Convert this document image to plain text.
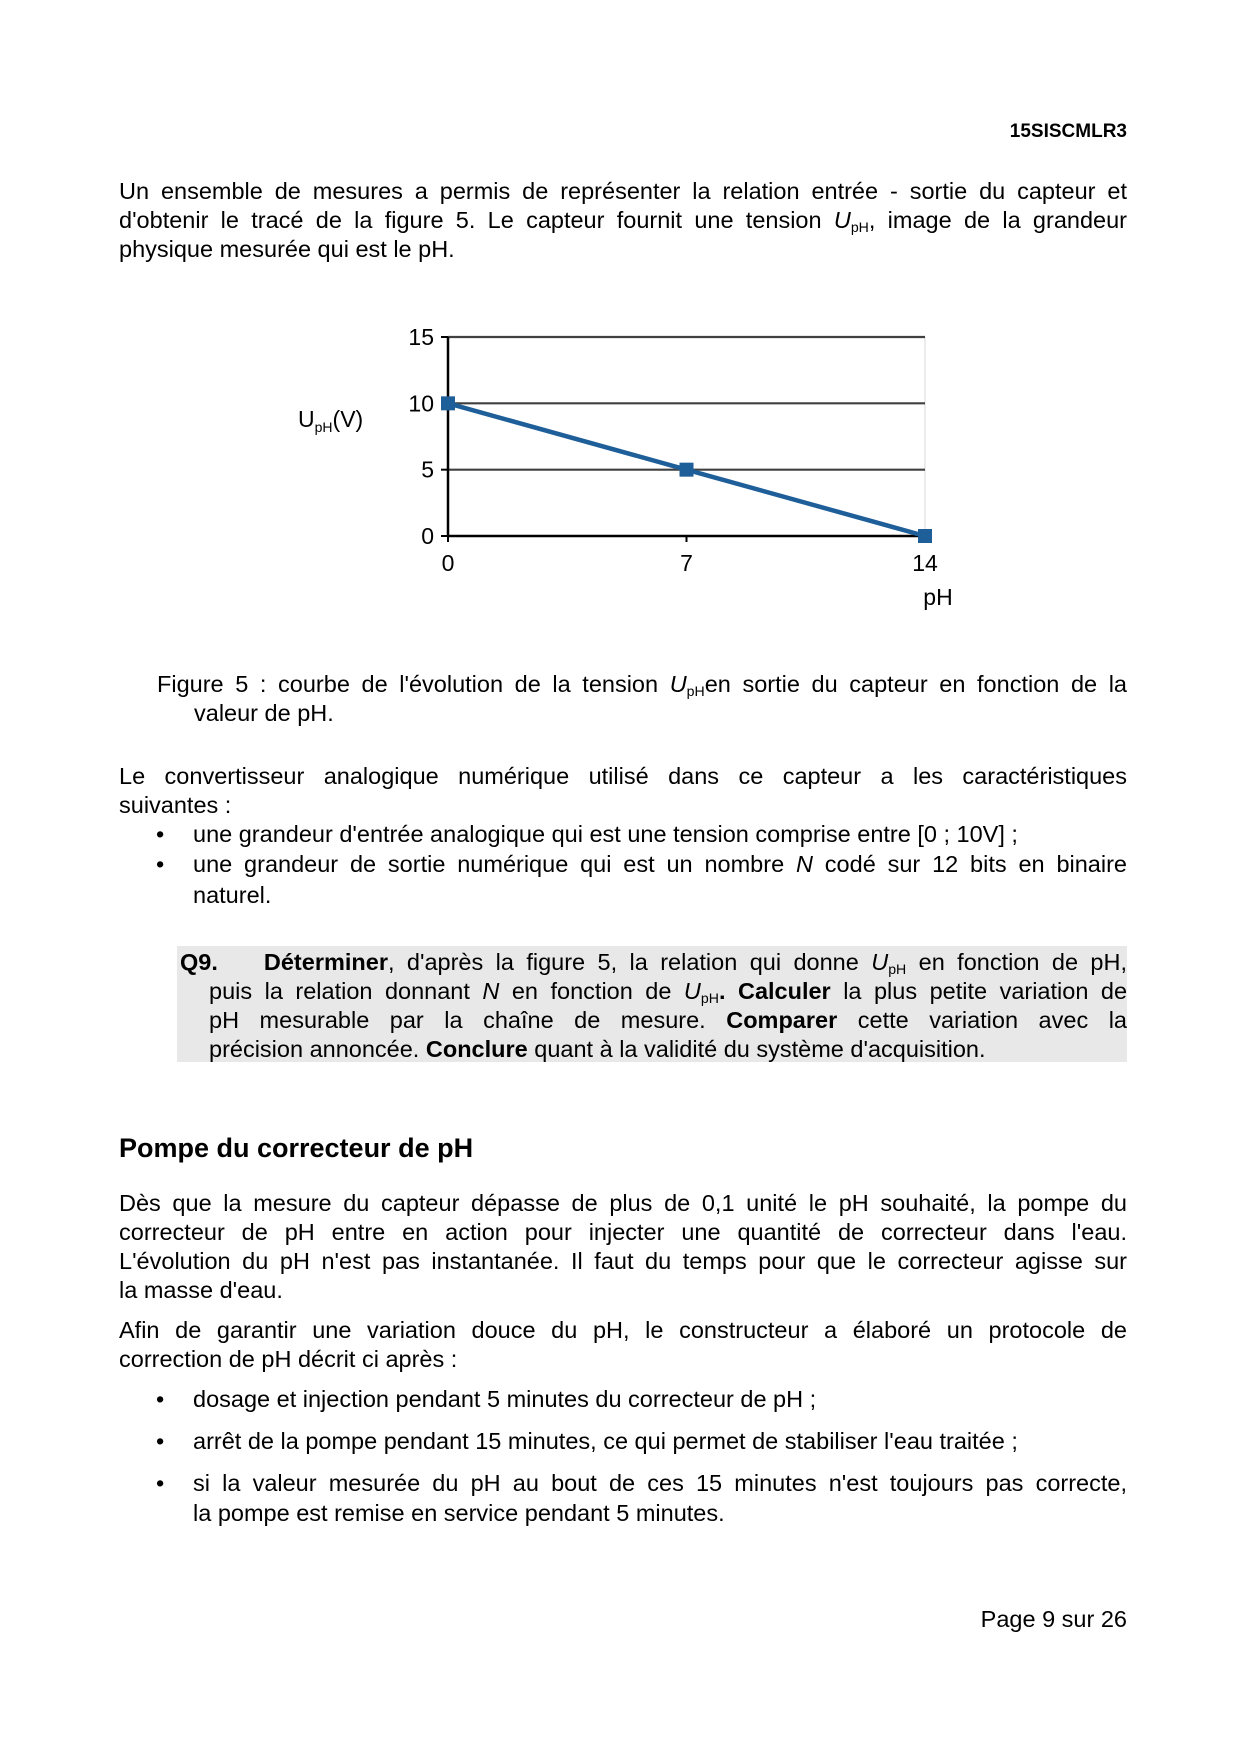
15SISCMLR3
Un ensemble de mesures a permis de représenter la relation entrée - sortie du capteur et
d'obtenir le tracé de la figure 5. Le capteur fournit une tension $U_{pH}$, image de la grandeur
physique mesurée qui est le pH.
0
5
10
15
0	7	14
$U_{pH}(V)$
pH
Figure 5 : courbe de l'évolution de la tension $U_{pH}en$ sortie du capteur en fonction de la
valeur de pH.
Le convertisseur analogique numérique utilisé dans ce capteur a les caractéristiques
suivantes :
• une grandeur d'entrée analogique qui est une tension comprise entre [0 ; 10V] ;
• une grandeur de sortie numérique qui est un nombre N codé sur 12 bits en binaire
naturel.
Q9. Déterminer, d'après la figure 5, la relation qui donne $U_{pH}$ en fonction de pH,
puis la relation donnant N en fonction de $U_{pH}$. Calculer la plus petite variation de
pH mesurable par la chaîne de mesure. Comparer cette variation avec la
précision annoncée. Conclure quant à la validité du système d'acquisition.
Pompe du correcteur de pH
Dès que la mesure du capteur dépasse de plus de 0,1 unité le pH souhaité, la pompe du
correcteur de pH entre en action pour injecter une quantité de correcteur dans l'eau.
L'évolution du pH n'est pas instantanée. Il faut du temps pour que le correcteur agisse sur
la masse d'eau.
Afin de garantir une variation douce du pH, le constructeur a élaboré un protocole de
correction de pH décrit ci après :
• dosage et injection pendant 5 minutes du correcteur de pH ;
• arrêt de la pompe pendant 15 minutes, ce qui permet de stabiliser l'eau traitée ;
• si la valeur mesurée du pH au bout de ces 15 minutes n'est toujours pas correcte,
la pompe est remise en service pendant 5 minutes.
Page 9 sur 26
